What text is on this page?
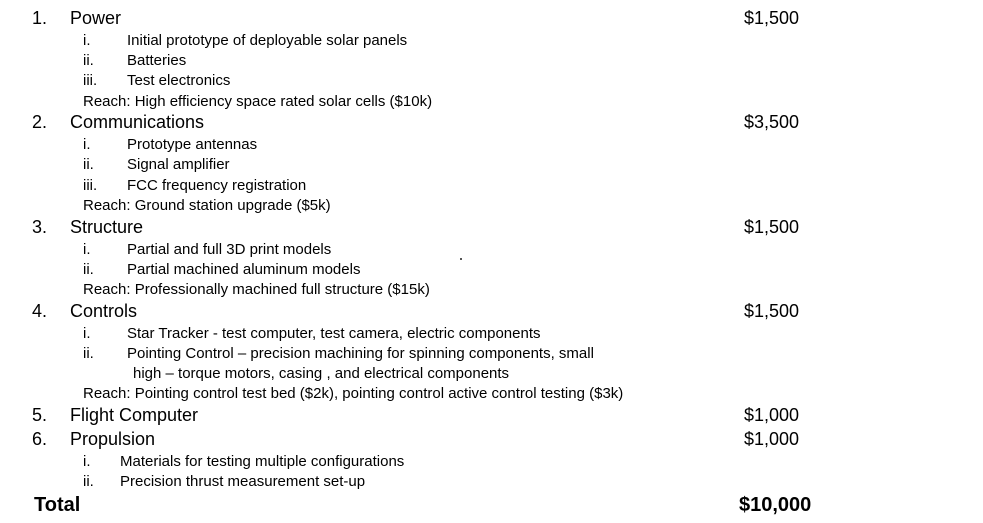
1. Power	$1,500
i. Initial prototype of deployable solar panels
ii. Batteries
iii. Test electronics
Reach: High efficiency space rated solar cells ($10k)
2. Communications	$3,500
i. Prototype antennas
ii. Signal amplifier
iii. FCC frequency registration
Reach: Ground station upgrade ($5k)
3. Structure	$1,500
i. Partial and full 3D print models
ii. Partial machined aluminum models
Reach: Professionally machined full structure ($15k)
4. Controls	$1,500
i. Star Tracker - test computer, test camera, electric components
ii. Pointing Control – precision machining for spinning components, small
high – torque motors, casing , and electrical components
Reach: Pointing control test bed ($2k), pointing control active control testing ($3k)
5. Flight Computer	$1,000
6. Propulsion	$1,000
i. Materials for testing multiple configurations
ii. Precision thrust measurement set-up
Total	$10,000
